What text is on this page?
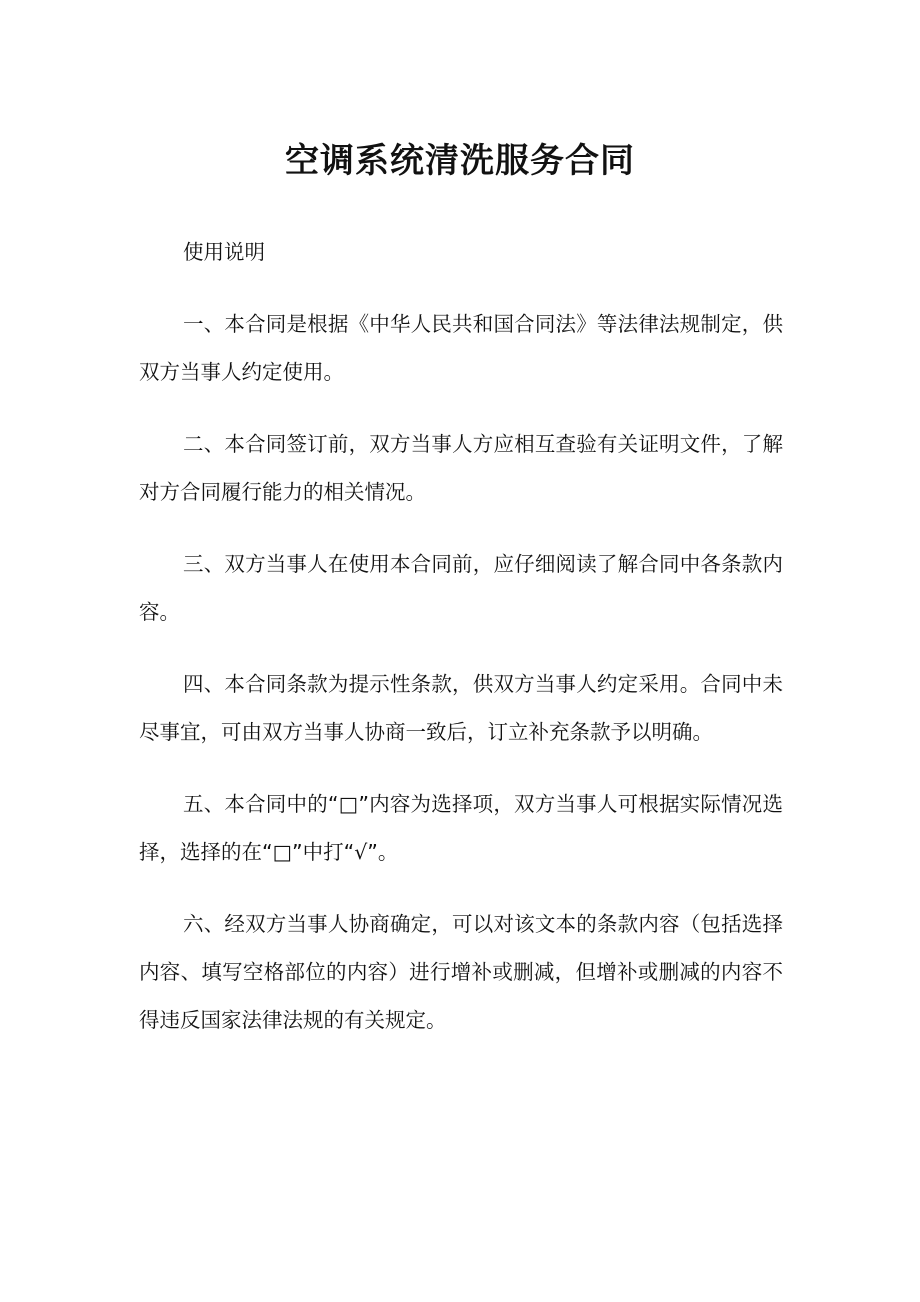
空调系统清洗服务合同

使用说明

一、本合同是根据《中华人民共和国合同法》等法律法规制定，供双方当事人约定使用。

二、本合同签订前，双方当事人方应相互查验有关证明文件，了解对方合同履行能力的相关情况。

三、双方当事人在使用本合同前，应仔细阅读了解合同中各条款内容。

四、本合同条款为提示性条款，供双方当事人约定采用。合同中未尽事宜，可由双方当事人协商一致后，订立补充条款予以明确。

五、本合同中的“□”内容为选择项，双方当事人可根据实际情况选择，选择的在“□”中打“√”。

六、经双方当事人协商确定，可以对该文本的条款内容（包括选择内容、填写空格部位的内容）进行增补或删减，但增补或删减的内容不得违反国家法律法规的有关规定。
